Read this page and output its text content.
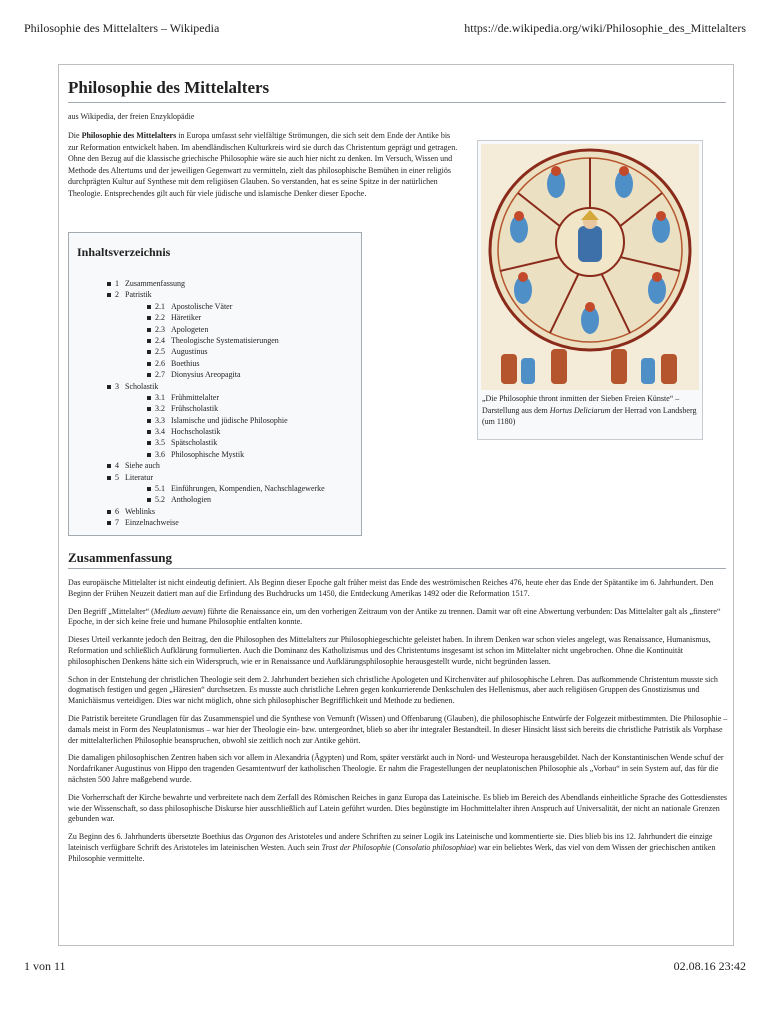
Philosophie des Mittelalters – Wikipedia	https://de.wikipedia.org/wiki/Philosophie_des_Mittelalters
Philosophie des Mittelalters
aus Wikipedia, der freien Enzyklopädie
Die Philosophie des Mittelalters in Europa umfasst sehr vielfältige Strömungen, die sich seit dem Ende der Antike bis zur Reformation entwickelt haben. Im abendländischen Kulturkreis wird sie durch das Christentum geprägt und getragen. Ohne den Bezug auf die klassische griechische Philosophie wäre sie auch hier nicht zu denken. Im Versuch, Wissen und Methode des Altertums und der jeweiligen Gegenwart zu vermitteln, zielt das philosophische Bemühen in einer religiös durchprägten Kultur auf Synthese mit dem religiösen Glauben. So verstanden, hat es seine Spitze in der natürlichen Theologie. Entsprechendes gilt auch für viele jüdische und islamische Denker dieser Epoche.
„Die Philosophie thront inmitten der Sieben Freien Künste“ – Darstellung aus dem Hortus Deliciarum der Herrad von Landsberg (um 1180)
Inhaltsverzeichnis
1 Zusammenfassung
2 Patristik
2.1 Apostolische Väter
2.2 Häretiker
2.3 Apologeten
2.4 Theologische Systematisierungen
2.5 Augustinus
2.6 Boethius
2.7 Dionysius Areopagita
3 Scholastik
3.1 Frühmittelalter
3.2 Frühscholastik
3.3 Islamische und jüdische Philosophie
3.4 Hochscholastik
3.5 Spätscholastik
3.6 Philosophische Mystik
4 Siehe auch
5 Literatur
5.1 Einführungen, Kompendien, Nachschlagewerke
5.2 Anthologien
6 Weblinks
7 Einzelnachweise
Zusammenfassung

Das europäische Mittelalter ist nicht eindeutig definiert. Als Beginn dieser Epoche galt früher meist das Ende des weströmischen Reiches 476, heute eher das Ende der Spätantike im 6. Jahrhundert. Den Beginn der Frühen Neuzeit datiert man auf die Erfindung des Buchdrucks um 1450, die Entdeckung Amerikas 1492 oder die Reformation 1517.

Den Begriff „Mittelalter“ (Medium aevum) führte die Renaissance ein, um den vorherigen Zeitraum von der Antike zu trennen. Damit war oft eine Abwertung verbunden: Das Mittelalter galt als „finstere“ Epoche, in der sich keine freie und humane Philosophie entfalten konnte.

Dieses Urteil verkannte jedoch den Beitrag, den die Philosophen des Mittelalters zur Philosophiegeschichte geleistet haben. In ihrem Denken war schon vieles angelegt, was Renaissance, Humanismus, Reformation und schließlich Aufklärung formulierten. Auch die Dominanz des Katholizismus und des Christentums insgesamt ist schon im Mittelalter nicht ungebrochen. Ohne die Kontinuität philosophischen Denkens hätte sich ein Widerspruch, wie er in Renaissance und Aufklärungsphilosophie herausgestellt wurde, nicht begründen lassen.

Schon in der Entstehung der christlichen Theologie seit dem 2. Jahrhundert beziehen sich christliche Apologeten und Kirchenväter auf philosophische Lehren. Das aufkommende Christentum musste sich dogmatisch festigen und gegen „Häresien“ durchsetzen. Es musste auch christliche Lehren gegen konkurrierende Denkschulen des Hellenismus, aber auch religiösen Gruppen des Gnostizismus und Manichäismus verteidigen. Dies war nicht möglich, ohne sich philosophischer Begrifflichkeit und Methode zu bedienen.

Die Patristik bereitete Grundlagen für das Zusammenspiel und die Synthese von Vernunft (Wissen) und Offenbarung (Glauben), die philosophische Entwürfe der Folgezeit mitbestimmten. Die Philosophie – damals meist in Form des Neuplatonismus – war hier der Theologie ein- bzw. untergeordnet, blieb so aber ihr integraler Bestandteil. In dieser Hinsicht lässt sich bereits die christliche Patristik als Vorphase der mittelalterlichen Philosophie beanspruchen, obwohl sie zeitlich noch zur Antike gehört.

Die damaligen philosophischen Zentren haben sich vor allem in Alexandria (Ägypten) und Rom, später verstärkt auch in Nord- und Westeuropa herausgebildet. Nach der Konstantinischen Wende schuf der Nordafrikaner Augustinus von Hippo den tragenden Gesamtentwurf der katholischen Theologie. Er nahm die Fragestellungen der neuplatonischen Philosophie als „Vorbau“ in sein System auf, das für die nächsten 500 Jahre maßgebend wurde.

Die Vorherrschaft der Kirche bewahrte und verbreitete nach dem Zerfall des Römischen Reiches in ganz Europa das Lateinische. Es blieb im Bereich des Abendlands einheitliche Sprache des Gottesdienstes wie der Wissenschaft, so dass philosophische Diskurse hier ausschließlich auf Latein geführt wurden. Dies begünstigte im Hochmittelalter ihren Anspruch auf Universalität, der nicht an nationale Grenzen gebunden war.

Zu Beginn des 6. Jahrhunderts übersetzte Boethius das Organon des Aristoteles und andere Schriften zu seiner Logik ins Lateinische und kommentierte sie. Dies blieb bis ins 12. Jahrhundert die einzige lateinisch verfügbare Schrift des Aristoteles im lateinischen Westen. Auch sein Trost der Philosophie (Consolatio philosophiae) war ein beliebtes Werk, das viel von dem Wissen der griechischen antiken Philosophie vermittelte.

1 von 11	02.08.16 23:42
